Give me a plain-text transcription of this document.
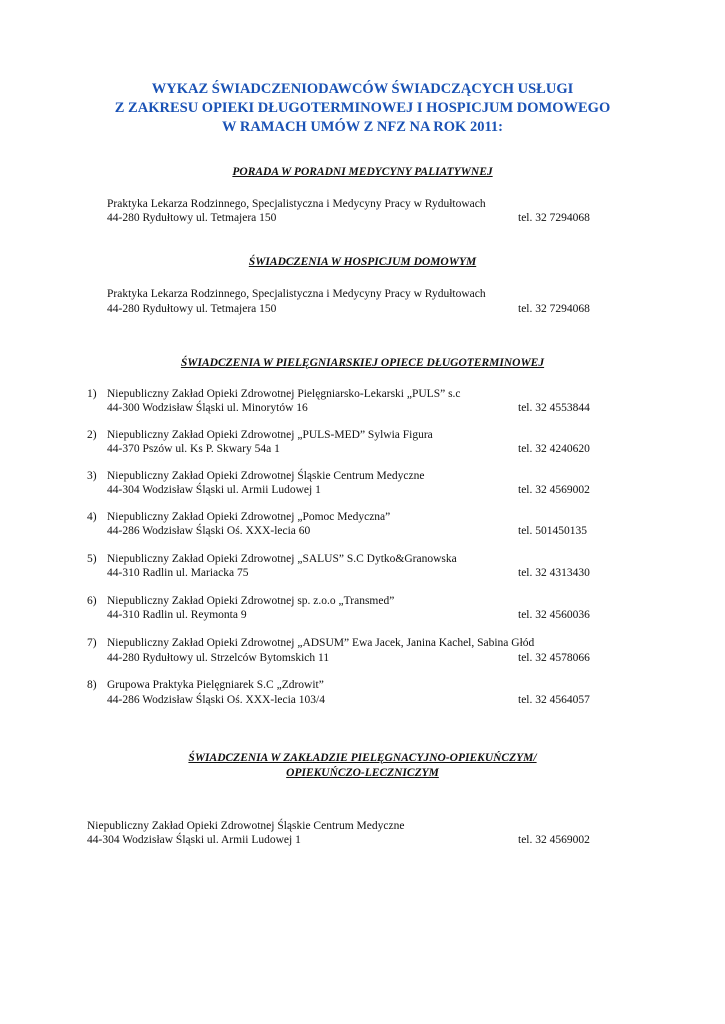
WYKAZ ŚWIADCZENIODAWCÓW ŚWIADCZĄCYCH USŁUGI
Z ZAKRESU OPIEKI DŁUGOTERMINOWEJ I HOSPICJUM DOMOWEGO
W RAMACH UMÓW Z NFZ NA ROK 2011:
PORADA W PORADNI MEDYCYNY PALIATYWNEJ
Praktyka Lekarza Rodzinnego, Specjalistyczna i Medycyny Pracy w Rydułtowach
44-280 Rydułtowy ul. Tetmajera 150	tel. 32 7294068
ŚWIADCZENIA W HOSPICJUM DOMOWYM
Praktyka Lekarza Rodzinnego, Specjalistyczna i Medycyny Pracy w Rydułtowach
44-280 Rydułtowy ul. Tetmajera 150	tel. 32 7294068
ŚWIADCZENIA W PIELĘGNIARSKIEJ OPIECE DŁUGOTERMINOWEJ
1) Niepubliczny Zakład Opieki Zdrowotnej Pielęgniarsko-Lekarski „PULS” s.c
44-300 Wodzisław Śląski ul. Minorytów 16	tel. 32 4553844
2) Niepubliczny Zakład Opieki Zdrowotnej „PULS-MED” Sylwia Figura
44-370 Pszów ul. Ks P. Skwary 54a 1	tel. 32 4240620
3) Niepubliczny Zakład Opieki Zdrowotnej Śląskie Centrum Medyczne
44-304 Wodzisław Śląski ul. Armii Ludowej 1	tel. 32 4569002
4) Niepubliczny Zakład Opieki Zdrowotnej „Pomoc Medyczna”
44-286 Wodzisław Śląski Oś. XXX-lecia 60	tel. 501450135
5) Niepubliczny Zakład Opieki Zdrowotnej „SALUS” S.C Dytko&Granowska
44-310 Radlin ul. Mariacka 75	tel. 32 4313430
6) Niepubliczny Zakład Opieki Zdrowotnej sp. z.o.o „Transmed”
44-310 Radlin ul. Reymonta 9	tel. 32 4560036
7) Niepubliczny Zakład Opieki Zdrowotnej „ADSUM” Ewa Jacek, Janina Kachel, Sabina Głód
44-280 Rydułtowy ul. Strzelców Bytomskich 11	tel. 32 4578066
8) Grupowa Praktyka Pielęgniarek S.C „Zdrowit”
44-286 Wodzisław Śląski Oś. XXX-lecia 103/4	tel. 32 4564057
ŚWIADCZENIA W ZAKŁADZIE PIELĘGNACYJNO-OPIEKUŃCZYM/
OPIEKUŃCZO-LECZNICZYM
Niepubliczny Zakład Opieki Zdrowotnej Śląskie Centrum Medyczne
44-304 Wodzisław Śląski ul. Armii Ludowej 1	tel. 32 4569002
